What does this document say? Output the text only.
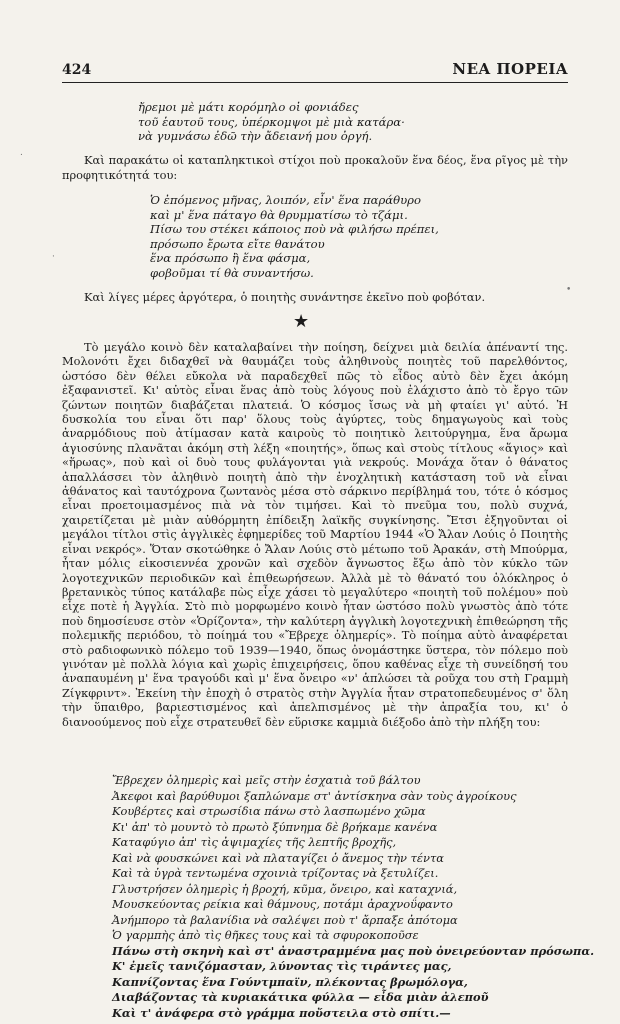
424	ΝΕΑ ΠΟΡΕΙΑ
ἤρεμοι μὲ μάτι κορόμηλο οἱ φονιάδες
τοῦ ἑαυτοῦ τους, ὑπέρκομψοι μὲ μιὰ κατάρα·
νὰ γυμνάσω ἐδῶ τὴν ἄδειανή μου ὀργή.

Καὶ παρακάτω οἱ καταπληκτικοὶ στίχοι ποὺ προκαλοῦν ἕνα δέος, ἕνα ρῖγος μὲ τὴν προφητικότητά του:

Ὁ ἐπόμενος μῆνας, λοιπόν, εἶν' ἕνα παράθυρο
καὶ μ' ἕνα πάταγο θὰ θρυμματίσω τὸ τζάμι.
Πίσω του στέκει κάποιος ποὺ νὰ φιλήσω πρέπει,
πρόσωπο ἔρωτα εἴτε θανάτου
ἕνα πρόσωπο ἢ ἕνα φάσμα,
φοβοῦμαι τί θὰ συναντήσω.

Καὶ λίγες μέρες ἀργότερα, ὁ ποιητὴς συνάντησε ἐκεῖνο ποὺ φοβόταν.

★

Τὸ μεγάλο κοινὸ δὲν καταλαβαίνει τὴν ποίηση, δείχνει μιὰ δειλία ἀπέναντί της. Μολονότι ἔχει διδαχθεῖ νὰ θαυμάζει τοὺς ἀληθινοὺς ποιητὲς τοῦ παρελθόντος, ὡστόσο δὲν θέλει εὔκολα νὰ παραδεχθεῖ πῶς τὸ εἶδος αὐτὸ δὲν ἔχει ἀκόμη ἐξαφανιστεῖ. Κι' αὐτὸς εἶναι ἕνας ἀπὸ τοὺς λόγους ποὺ ἐλάχιστο ἀπὸ τὸ ἔργο τῶν ζώντων ποιητῶν διαβάζεται πλατειά. Ὁ κόσμος ἴσως νὰ μὴ φταίει γι' αὐτό. Ἡ δυσκολία του εἶναι ὅτι παρ' ὅλους τοὺς ἀγύρτες, τοὺς δημαγωγοὺς καὶ τοὺς ἀναρμόδιους ποὺ ἀτίμασαν κατὰ καιροὺς τὸ ποιητικὸ λειτούργημα, ἕνα ἄρωμα ἁγιοσύνης πλανᾶται ἀκόμη στὴ λέξη «ποιητής», ὅπως καὶ στοὺς τίτλους «ἅγιος» καὶ «ἥρωας», ποὺ καὶ οἱ δυὸ τους φυλάγονται γιὰ νεκρούς. Μονάχα ὅταν ὁ θάνατος ἀπαλλάσσει τὸν ἀληθινὸ ποιητὴ ἀπὸ τὴν ἐνοχλητικὴ κατάσταση τοῦ νὰ εἶναι ἀθάνατος καὶ ταυτόχρονα ζωντανὸς μέσα στὸ σάρκινο περίβλημά του, τότε ὁ κόσμος εἶναι προετοιμασμένος πιὰ νὰ τὸν τιμήσει. Καὶ τὸ πνεῦμα του, πολὺ συχνά, χαιρετίζεται μὲ μιὰν αὐθόρμητη ἐπίδειξη λαϊκῆς συγκίνησης. Ἔτσι ἐξηγοῦνται οἱ μεγάλοι τίτλοι στὶς ἀγγλικὲς ἐφημερίδες τοῦ Μαρτίου 1944 «Ὁ Ἄλαν Λούις ὁ Ποιητὴς εἶναι νεκρός». Ὅταν σκοτώθηκε ὁ Ἄλαν Λούις στὸ μέτωπο τοῦ Ἀρακάν, στὴ Μπούρμα, ἦταν μόλις εἰκοσιεννέα χρονῶν καὶ σχεδὸν ἄγνωστος ἔξω ἀπὸ τὸν κύκλο τῶν λογοτεχνικῶν περιοδικῶν καὶ ἐπιθεωρήσεων. Ἀλλὰ μὲ τὸ θάνατό του ὁλόκληρος ὁ βρετανικὸς τύπος κατάλαβε πὼς εἶχε χάσει τὸ μεγαλύτερο «ποιητὴ τοῦ πολέμου» ποὺ εἶχε ποτὲ ἡ Ἀγγλία. Στὸ πιὸ μορφωμένο κοινὸ ἦταν ὡστόσο πολὺ γνωστὸς ἀπὸ τότε ποὺ δημοσίευσε στὸν «Ὁρίζοντα», τὴν καλύτερη ἀγγλικὴ λογοτεχνικὴ ἐπιθεώρηση τῆς πολεμικῆς περιόδου, τὸ ποίημά του «Ἔβρεχε ὁλημερίς». Τὸ ποίημα αὐτὸ ἀναφέρεται στὸ ραδιοφωνικὸ πόλεμο τοῦ 1939—1940, ὅπως ὀνομάστηκε ὕστερα, τὸν πόλεμο ποὺ γινόταν μὲ πολλὰ λόγια καὶ χωρὶς ἐπιχειρήσεις, ὅπου καθένας εἶχε τὴ συνείδησή του ἀναπαυμένη μ' ἕνα τραγούδι καὶ μ' ἕνα ὄνειρο «ν' ἁπλώσει τὰ ροῦχα του στὴ Γραμμὴ Ζίγκφριντ». Ἐκείνη τὴν ἐποχὴ ὁ στρατὸς στὴν Ἀγγλία ἦταν στρατοπεδευμένος σ' ὅλη τὴν ὕπαιθρο, βαριεστισμένος καὶ ἀπελπισμένος μὲ τὴν ἀπραξία του, κι' ὁ διανοούμενος ποὺ εἶχε στρατευθεῖ δὲν εὕρισκε καμμιὰ διέξοδο ἀπὸ τὴν πλήξη του:

Ἔβρεχεν ὁλημερὶς καὶ μεῖς στὴν ἐσχατιὰ τοῦ βάλτου
Ἀκεφοι καὶ βαρύθυμοι ξαπλώναμε στ' ἀντίσκηνα σὰν τοὺς ἀγροίκους
Κουβέρτες καὶ στρωσίδια πάνω στὸ λασπωμένο χῶμα
Κι' ἀπ' τὸ μουντὸ τὸ πρωτὸ ξύπνημα δὲ βρήκαμε κανένα
Καταφύγιο ἀπ' τὶς ἀψιμαχίες τῆς λεπτῆς βροχῆς,
Καὶ νὰ φουσκώνει καὶ νὰ πλαταγίζει ὁ ἄνεμος τὴν τέντα
Καὶ τὰ ὑγρὰ τεντωμένα σχοινιὰ τρίζοντας νὰ ξετυλίζει.
Γλυστρήσεν ὁλημερὶς ἡ βροχή, κῦμα, ὄνειρο, καὶ καταχνιά,
Μουσκεύοντας ρείκια καὶ θάμνους, ποτάμι ἀραχνοΰφαντο
Ἀνήμπορο τὰ βαλανίδια νὰ σαλέψει ποὺ τ' ἄρπαξε ἀπότομα
Ὁ γαρμπὴς ἀπὸ τὶς θῆκες τους καὶ τὰ σφυροκοποῦσε
Πάνω στὴ σκηνὴ καὶ στ' ἀναστραμμένα μας ποὺ ὀνειρεύονταν πρόσωπα.
Κ' ἐμεῖς τανιζόμασταν, λύνοντας τὶς τιράντες μας,
Καπνίζοντας ἕνα Γούντμπαϊν, πλέκοντας βρωμόλογα,
Διαβάζοντας τὰ κυριακάτικα φύλλα — εἶδα μιὰν ἀλεποῦ
Καὶ τ' ἀνάφερα στὸ γράμμα ποὔστειλα στὸ σπίτι.—
.
·
•
